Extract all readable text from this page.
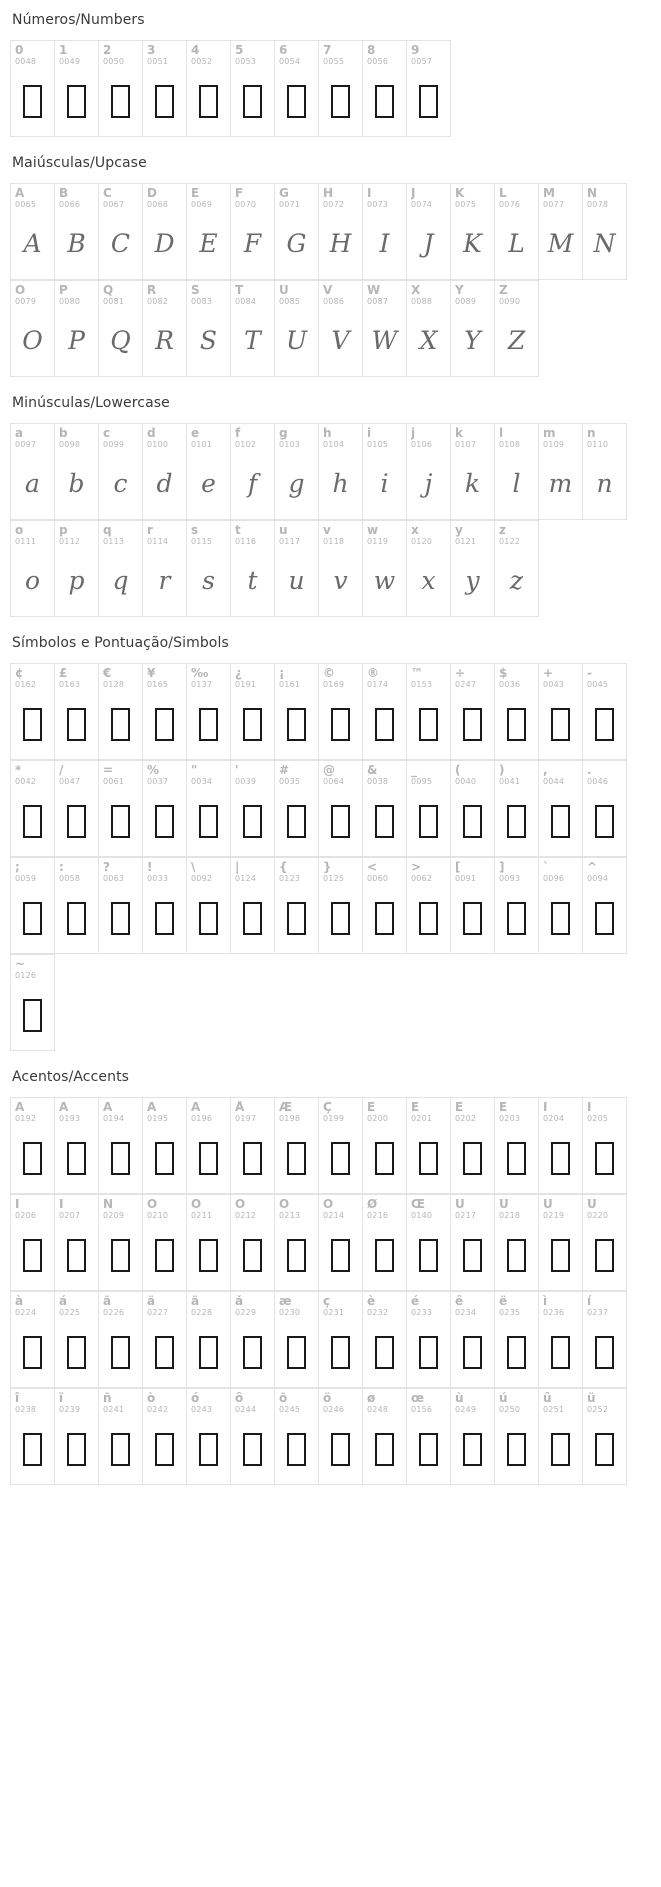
Números/Numbers
0
0048
1
0049
2
0050
3
0051
4
0052
5
0053
6
0054
7
0055
8
0056
9
0057
Maiúsculas/Upcase
A
0065
A
B
0066
B
C
0067
C
D
0068
D
E
0069
E
F
0070
F
G
0071
G
H
0072
H
I
0073
I
J
0074
J
K
0075
K
L
0076
L
M
0077
M
N
0078
N
O
0079
O
P
0080
P
Q
0081
Q
R
0082
R
S
0083
S
T
0084
T
U
0085
U
V
0086
V
W
0087
W
X
0088
X
Y
0089
Y
Z
0090
Z
Minúsculas/Lowercase
a
0097
a
b
0098
b
c
0099
c
d
0100
d
e
0101
e
f
0102
f
g
0103
g
h
0104
h
i
0105
i
j
0106
j
k
0107
k
l
0108
l
m
0109
m
n
0110
n
o
0111
o
p
0112
p
q
0113
q
r
0114
r
s
0115
s
t
0116
t
u
0117
u
v
0118
v
w
0119
w
x
0120
x
y
0121
y
z
0122
z
Símbolos e Pontuação/Simbols
¢
0162
£
0163
€
0128
¥
0165
‰
0137
¿
0191
¡
0161
©
0169
®
0174
™
0153
÷
0247
$
0036
+
0043
-
0045
*
0042
/
0047
=
0061
%
0037
"
0034
'
0039
#
0035
@
0064
&
0038
_
0095
(
0040
)
0041
,
0044
.
0046
;
0059
:
0058
?
0063
!
0033
\
0092
|
0124
{
0123
}
0125
<
0060
>
0062
[
0091
]
0093
`
0096
^
0094
~
0126
Acentos/Accents
À
0192
Á
0193
Â
0194
Ã
0195
Ä
0196
Å
0197
Æ
0198
Ç
0199
È
0200
É
0201
Ê
0202
Ë
0203
Ì
0204
Í
0205
Î
0206
Ï
0207
Ñ
0209
Ò
0210
Ó
0211
Ô
0212
Õ
0213
Ö
0214
Ø
0216
Œ
0140
Ù
0217
Ú
0218
Û
0219
Ü
0220
à
0224
á
0225
ã
0226
ä
0227
ä
0228
å
0229
æ
0230
ç
0231
è
0232
é
0233
ê
0234
ë
0235
ì
0236
í
0237
î
0238
ï
0239
ñ
0241
ò
0242
ó
0243
ô
0244
õ
0245
ö
0246
ø
0248
œ
0156
ù
0249
ú
0250
û
0251
ü
0252
